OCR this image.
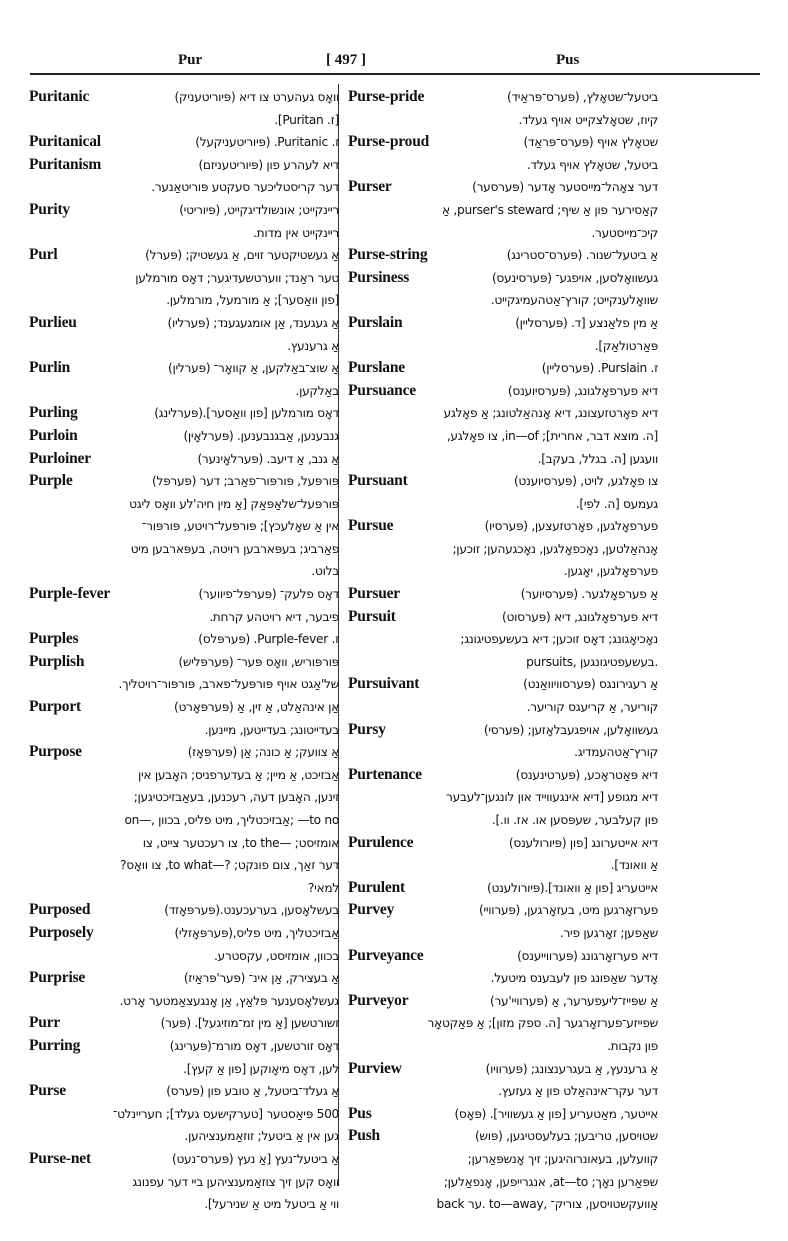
Pur	[ 497 ]	Pus
Puritanic	וואָס געהערט צו דיא (פּיוריטעניק)
[ז. Puritan].
Puritanical	ז. Puritanic. (פּיוריטעניקעל)
Puritanism	דיא לעהרע פון (פּיוריטעניזם)
דער קריסטליכער סעקטע פּוריטאַנער.
Purity	ריינקייט; אונשולדיגקייט, (פּיוריטי)
ריינקייט אין מדות.
Purl	אַ געשטיקטער זוים, אַ געשטיק; (פּערל)
טער ראַנד; ווערטשעדיגער; דאָס מורמלען
[פון וואַסער]; אַ מורמעל, מורמלען.
Purlieu	אַ געגענד, אַן אומגעגענד; (פּערליו)
אַ גרענעץ.
Purlin	אַ שוצ־באַלקען, אַ קוואָר־ (פּערלין)
באַלקען.
Purling	דאָס מורמלען [פון וואַסער].(פּערלינג)
Purloin	גנבענען, אַבגנבענען. (פּערלאָין)
Purloiner	אַ גנב, אַ דיעב. (פּערלאָינער)
Purple	פּורפּעל, פּורפּור־פאַרב; דער (פּערפּל)
פּורפּעל־שלאַפּאַק [אַ מין חיה'לע וואָס ליגט
אין אַ שאָלעכץ]; פּורפּעל־רויטע, פּורפּור־
פאַרביג; בעפּארבען רויטה, בעפּארבען מיט
בלוט.
Purple-fever	דאָס פלעק־ (פּערפּל־פיווער)
פיבער, דיא רויטהע קרחת.
Purples	ז. Purple-fever. (פּערפּלס)
Purplish	פּורפּוריש, וואָס פּער־ (פּערפּליש)
של'אַגט אויף פּורפּעל־פארב, פּורפּור־רויטליך.
Purport	אַן אינהאַלט, אַ זין, אַ (פּערפּאָרט)
בעדייטונג; בעדייטען, מיינען.
Purpose	אַ צוועק; אַ כונה; אַן (פּערפּאָז)
אַבזיכט, אַ מיין; אַ בעדערפניס; האָבען אין
זינען, האָבען דעה, רעכנען, בעאַבזיכטיגען;
on—, אַבזיכטליך, מיט פליס, בכוון; —to no
אומזיסט; —to the, צו רעכטער צייט, צו
דער זאַך, צום פונקט; ?—to what, צו וואָס?
למאי?
Purposed	בעשלאָסען, בערעכענט.(פּערפּאָזד)
Purposely	אַבזיכטליך, מיט פליס,(פּערפּאָזלי)
בכוון, אומזיסט, עקסטרע.
Purprise	אַ בעצירק, אַן אינ־ (פּער'פּראַיז)
געשלאָסענער פּלאַץ, אַן אָנגעצאַמטער אָרט.
Purr	זשורטשען [אַ מין זמ־מוזיגעל]. (פּער)
Purring	דאָס זורטשען, דאָס מורמ־(פּערינג)
לען, דאָס מיאָוקען [פון אַ קעץ].
Purse	אַ געלד־ביטעל, אַ טובע פון (פּערס)
500 פּיאַסטער [טערקישעס געלד]; חעריינלט־
גען אין אַ ביטעל; זוזאַמענציהען.
Purse-net	אַ ביטעל־נעץ [אַ נעץ (פּערס־נעט)
וואָס קען זיך צוזאַמענציהען ביי דער עפנונג
ווי אַ ביטעל מיט אַ שנירעל].
Purse-pride	ביטעל־שטאָלץ, (פּערס־פּראַיד)
קיוז, שטאָלצקייט אויף געלד.
Purse-proud	שטאָלץ אויף (פּערס־פּראַד)
ביטעל, שטאָלץ אויף געלד.
Purser	דער צאָהל־מייסטער אָדער (פּערסער)
קאַסירער פון אַ שיף; purser's steward, אַ
קיכ־מייסטער.
Purse-string	אַ ביטעל־שנור. (פּערס־סטרינג)
Pursiness	געשוואָלסען, אויפגע־ (פּערסינעס)
שוואָלענקייט; קורץ־אַטהעמיגקייט.
Purslain	אַ מין פלאַנצע [ד. (פּערסליין)
פּאַרטולאַק].
Purslane	ז. Purslain. (פּערסליין)
Pursuance	דיא פערפאָלגונג, (פּערסיוענס)
דיא פאָרטזעצונג, דיא אָנהאַלטונג; אַ פאָלגע
[ה. מוצא דבר, אחרית]; in—of, צו פאָלגע,
וועגען [ה. בגלל, בעקב].
Pursuant	צו פאָלגע, לויט, (פּערסיוענט)
געמעס [ה. לפי].
Pursue	פערפאָלגען, פאָרטזעצען, (פּערסיו)
אָנהאַלטען, נאָכפאָלגען, נאָכגעהען; זוכען;
פערפאָלגען, יאָגען.
Pursuer	אַ פערפאָלגער. (פּערסיוער)
Pursuit	דיא פערפאָלגונג, דיא (פּערסוט)
נאָכיאָגונג; דאָס זוכען; דיא בעשעפטיגונג;
pursuits, בעשעפטיגונגען.
Pursuivant	אַ רעגירונגס (פּערסוויוואַנט)
קוריער, אַ קריעגס קוריער.
Pursy	געשוואָלען, אויפגעבלאָזען; (פּערסי)
קורץ־אַטהעמדיג.
Purtenance	דיא פּאַטראָכע, (פּערטינענס)
דיא מגופע [דיא אינגעווייד און לונגען־לעבער
פון קעלבער, שעפּסען או. אז. וו.].
Purulence	דיא אייטערונג [פון (פּיורולענס)
אַ וואונד].
Purulent	אייטעריג [פון אַ וואונד].(פּיורולענט)
Purvey	פערזאָרגען מיט, בעזאָרגען, (פּערוויי)
שאַפען; זאָרגען פיר.
Purveyance	דיא פערזאָרגונג (פּערווייענס)
אָדער שאַפונג פון לעבענס מיטעל.
Purveyor	אַ שפּייז־ליעפערער, אַ (פּערוויי'ער)
שפייזע־פערזאָרגער [ה. ספק מזון]; אַ פּאַקטאָר
פון נקבות.
Purview	אַ גרענעץ, אַ בעגרענצונג; (פּערוויו)
דער עקר־אינהאַלט פון אַ געזעץ.
Pus	אייטער, מאַטעריע [פון אַ געשוויר]. (פּאָס)
Push	שטויסען, טריבען; בעלעסטיגען, (פּוש)
קוועלען, בעאונרוהיגען; זיך אָנשפּאַרען;
שפּאַרען נאָך; at—to, אנגרייפען, אָנפאַלען;
back ער. to—away, אַוועקשטויסען, צוריק־
